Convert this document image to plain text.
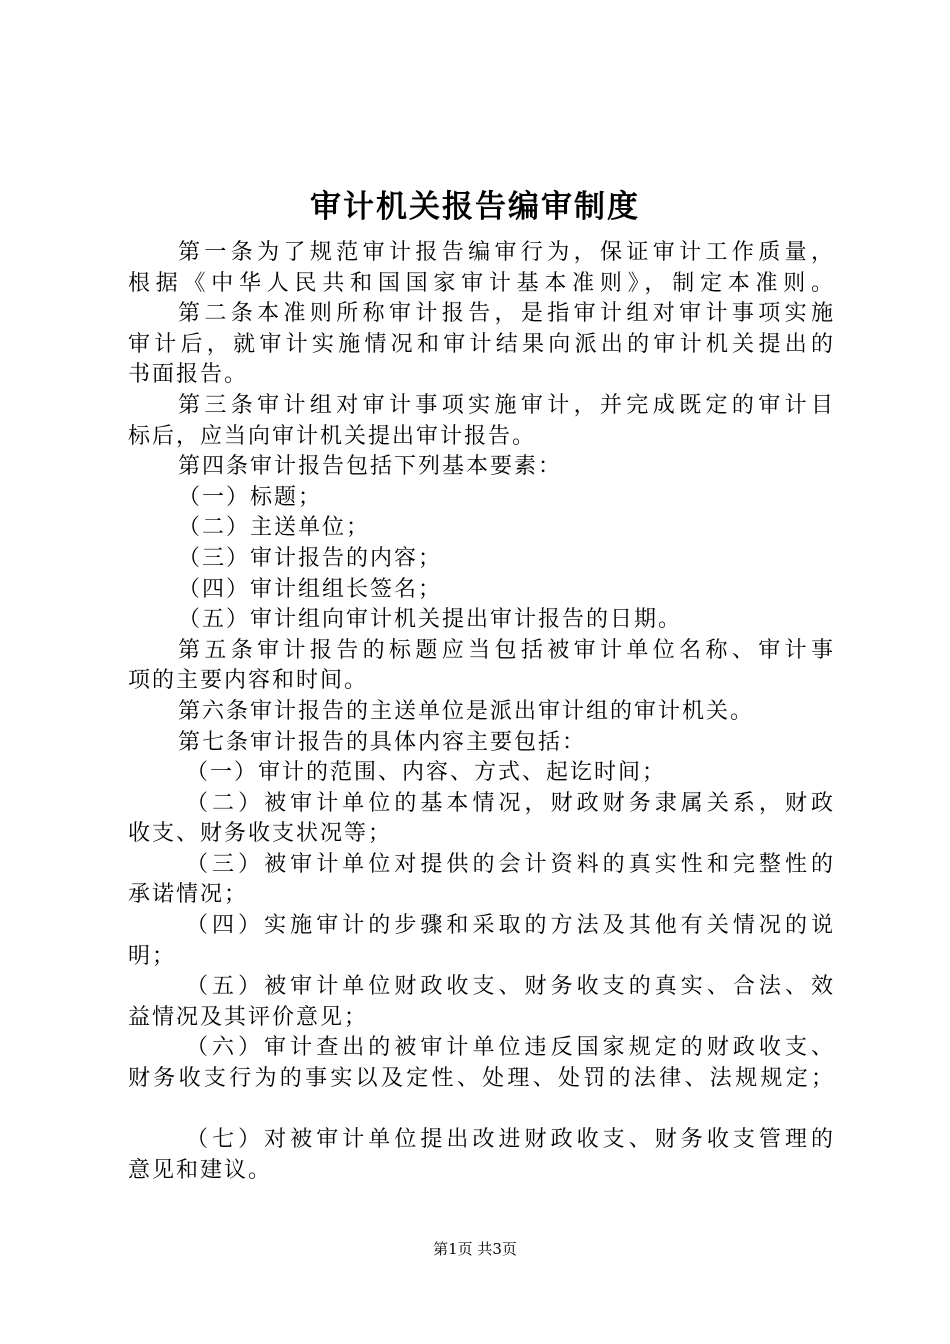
审计机关报告编审制度
第一条为了规范审计报告编审行为，保证审计工作质量，
根据《中华人民共和国国家审计基本准则》，制定本准则。
第二条本准则所称审计报告，是指审计组对审计事项实施
审计后，就审计实施情况和审计结果向派出的审计机关提出的
书面报告。
第三条审计组对审计事项实施审计，并完成既定的审计目
标后，应当向审计机关提出审计报告。
第四条审计报告包括下列基本要素：
（一）标题；
（二）主送单位；
（三）审计报告的内容；
（四）审计组组长签名；
（五）审计组向审计机关提出审计报告的日期。
第五条审计报告的标题应当包括被审计单位名称、审计事
项的主要内容和时间。
第六条审计报告的主送单位是派出审计组的审计机关。
第七条审计报告的具体内容主要包括：
（一）审计的范围、内容、方式、起讫时间；
（二）被审计单位的基本情况，财政财务隶属关系，财政
收支、财务收支状况等；
（三）被审计单位对提供的会计资料的真实性和完整性的
承诺情况；
（四）实施审计的步骤和采取的方法及其他有关情况的说
明；
（五）被审计单位财政收支、财务收支的真实、合法、效
益情况及其评价意见；
（六）审计查出的被审计单位违反国家规定的财政收支、
财务收支行为的事实以及定性、处理、处罚的法律、法规规定；
（七）对被审计单位提出改进财政收支、财务收支管理的
意见和建议。
第1页 共3页
